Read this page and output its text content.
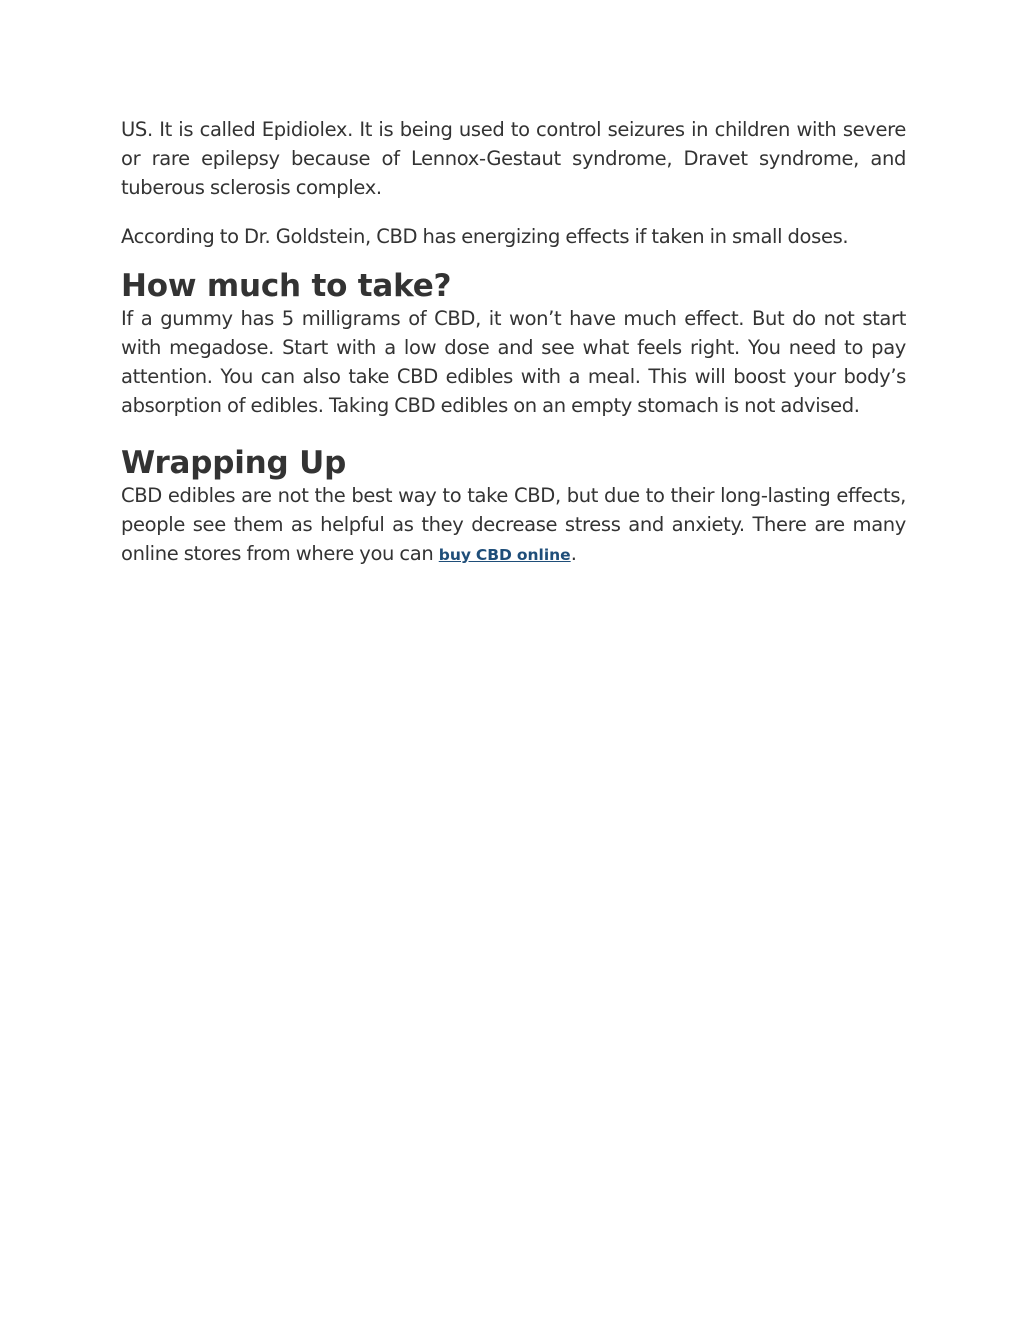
US. It is called Epidiolex. It is being used to control seizures in children with severe or rare epilepsy because of Lennox-Gestaut syndrome, Dravet syndrome, and tuberous sclerosis complex.

According to Dr. Goldstein, CBD has energizing effects if taken in small doses.

How much to take?

If a gummy has 5 milligrams of CBD, it won’t have much effect. But do not start with megadose. Start with a low dose and see what feels right. You need to pay attention. You can also take CBD edibles with a meal. This will boost your body’s absorption of edibles. Taking CBD edibles on an empty stomach is not advised.

Wrapping Up

CBD edibles are not the best way to take CBD, but due to their long-lasting effects, people see them as helpful as they decrease stress and anxiety. There are many online stores from where you can buy CBD online.
